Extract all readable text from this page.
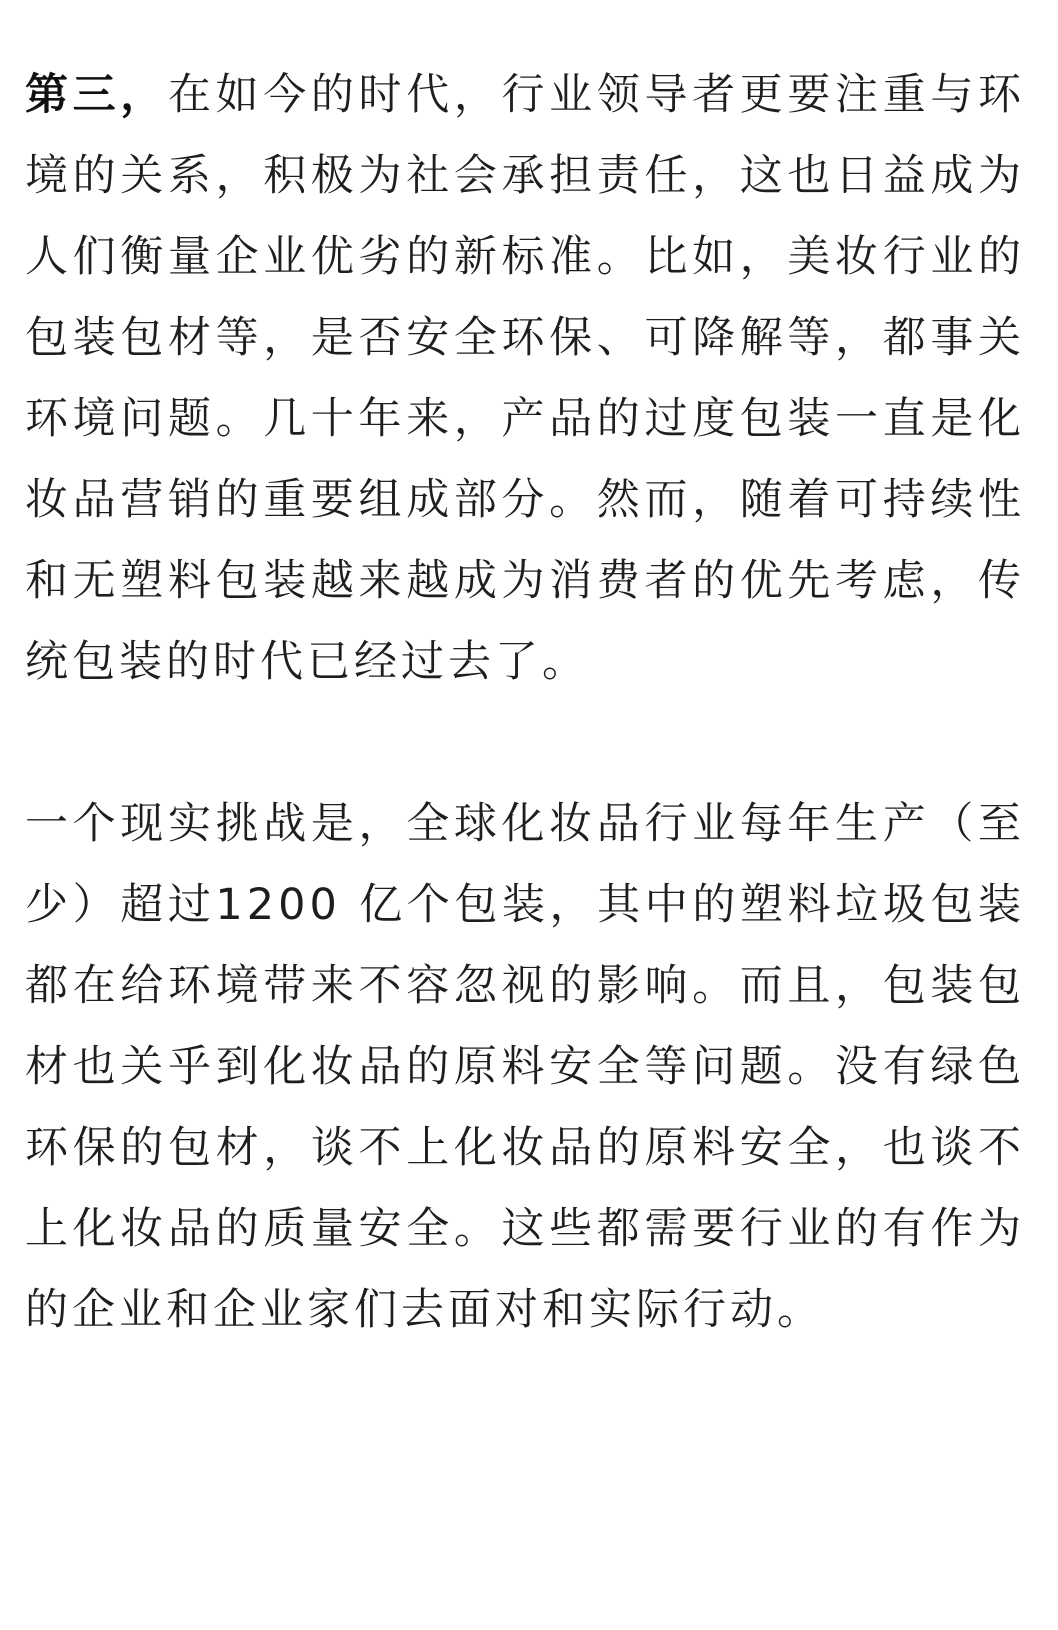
第三，在如今的时代，行业领导者更要注重与环境的关系，积极为社会承担责任，这也日益成为人们衡量企业优劣的新标准。比如，美妆行业的包装包材等，是否安全环保、可降解等，都事关环境问题。几十年来，产品的过度包装一直是化妆品营销的重要组成部分。然而，随着可持续性和无塑料包装越来越成为消费者的优先考虑，传统包装的时代已经过去了。

一个现实挑战是，全球化妆品行业每年生产（至少）超过1200 亿个包装，其中的塑料垃圾包装都在给环境带来不容忽视的影响。而且，包装包材也关乎到化妆品的原料安全等问题。没有绿色环保的包材，谈不上化妆品的原料安全，也谈不上化妆品的质量安全。这些都需要行业的有作为的企业和企业家们去面对和实际行动。
